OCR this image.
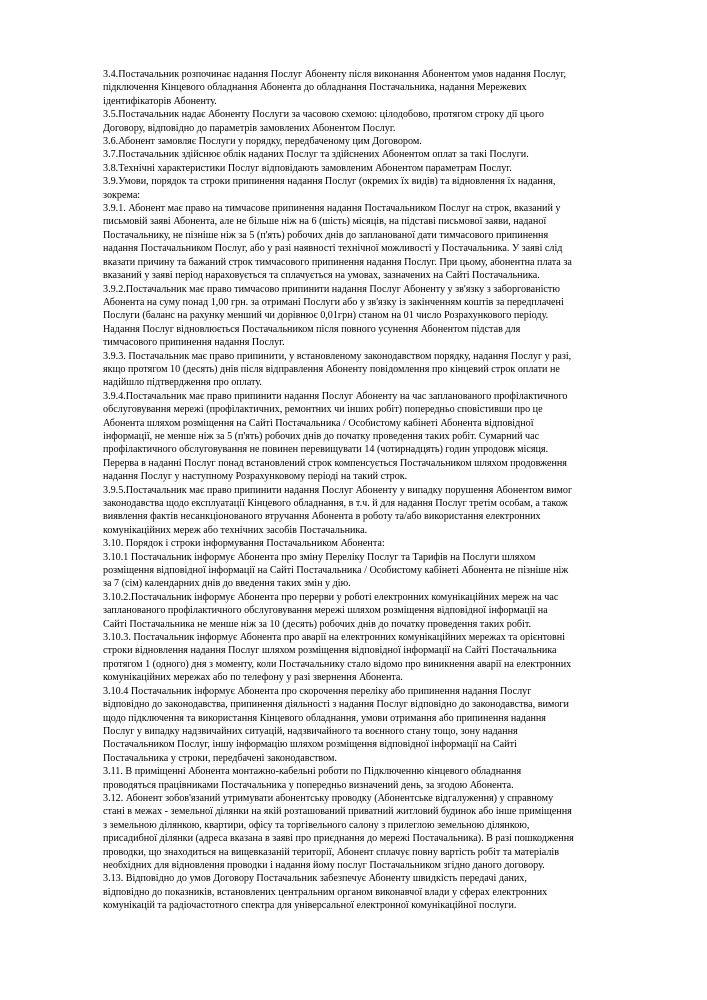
3.4.Постачальник розпочинає надання Послуг Абоненту після виконання Абонентом умов надання Послуг,
підключення Кінцевого обладнання Абонента до обладнання Постачальника, надання Мережевих
ідентифікаторів Абоненту.

3.5.Постачальник надає Абоненту Послуги за часовою схемою: цілодобово, протягом строку дії цього
Договору, відповідно до параметрів замовлених Абонентом Послуг.

3.6.Абонент замовляє Послуги у порядку, передбаченому цим Договором.

3.7.Постачальник здійснює облік наданих Послуг та здійснених Абонентом оплат за такі Послуги.

3.8.Технічні характеристики Послуг відповідають замовленим Абонентом параметрам Послуг.

3.9.Умови, порядок та строки припинення надання Послуг (окремих їх видів) та відновлення їх надання,
зокрема:

3.9.1. Абонент має право на тимчасове припинення надання Постачальником Послуг на строк, вказаний у
письмовій заяві Абонента, але не більше ніж на 6 (шість) місяців, на підставі письмової заяви, наданої
Постачальнику, не пізніше ніж за 5 (п'ять) робочих днів до запланованої дати тимчасового припинення
надання Постачальником Послуг, або у разі наявності технічної можливості у Постачальника. У заяві слід
вказати причину та бажаний строк тимчасового припинення надання Послуг. При цьому, абонентна плата за
вказаний у заяві період нараховується та сплачується на умовах, зазначених на Сайті Постачальника.

3.9.2.Постачальник має право тимчасово припинити надання Послуг Абоненту у зв'язку з заборгованістю
Абонента на суму понад 1,00 грн. за отримані Послуги або у зв'язку із закінченням коштів за передплаченi
Послуги (баланс на рахунку менший чи дорівнює 0,01грн) станом на 01 число Розрахункового періоду.
Надання Послуг відновлюється Постачальником після повного усунення Абонентом підстав для
тимчасового припинення надання Послуг.

3.9.3. Постачальник має право припинити, у встановленому законодавством порядку, надання Послуг у разі,
якщо протягом 10 (десять) днів після відправлення Абоненту повідомлення про кінцевий строк оплати не
надійшло підтвердження про оплату.

3.9.4.Постачальник має право припинити надання Послуг Абоненту на час запланованого профілактичного
обслуговування мережі (профілактичних, ремонтних чи інших робіт) попередньо сповістивши про це
Абонента шляхом розміщення на Сайті Постачальника / Особистому кабінеті Абонента відповідної
інформації, не менше ніж за 5 (п'ять) робочих днів до початку проведення таких робіт. Сумарний час
профілактичного обслуговування не повинен перевищувати 14 (чотирнадцять) годин упродовж місяця.
Перерва в наданні Послуг понад встановлений строк компенсується Постачальником шляхом продовження
надання Послуг у наступному Розрахунковому періоді на такий строк.

3.9.5.Постачальник має право припинити надання Послуг Абоненту у випадку порушення Абонентом вимог
законодавства щодо експлуатації Кінцевого обладнання, в т.ч. й для надання Послуг третім особам, а також
виявлення фактів несанкціонованого втручання Абонента в роботу та/або використання електронних
комунікаційних мереж або технічних засобів Постачальника.

3.10. Порядок і строки інформування Постачальником Абонента:

3.10.1 Постачальник інформує Абонента про зміну Переліку Послуг та Тарифів на Послуги шляхом
розміщення відповідної інформації на Сайті Постачальника / Особистому кабінеті Абонента не пізніше ніж
за 7 (сім) календарних днів до введення таких змін у дію.

3.10.2.Постачальник інформує Абонента про перерви у роботі електронних комунікаційних мереж на час
запланованого профілактичного обслуговування мережі шляхом розміщення відповідної інформації на
Сайті Постачальника не менше ніж за 10 (десять) робочих днів до початку проведення таких робіт.

3.10.3. Постачальник інформує Абонента про аварії на електронних комунікаційних мережах та орієнтовні
строки відновлення надання Послуг шляхом розміщення відповідної інформації на Сайті Постачальника
протягом 1 (одного) дня з моменту, коли Постачальнику стало відомо про виникнення аварії на електронних
комунікаційних мережах або по телефону у разі звернення Абонента.

3.10.4 Постачальник інформує Абонента про скорочення переліку або припинення надання Послуг
відповідно до законодавства, припинення діяльності з надання Послуг відповідно до законодавства, вимоги
щодо підключення та використання Кінцевого обладнання, умови отримання або припинення надання
Послуг у випадку надзвичайних ситуацій, надзвичайного та воєнного стану тощо, зону надання
Постачальником Послуг, іншу інформацію шляхом розміщення відповідної інформації на Сайті
Постачальника у строки, передбачені законодавством.

3.11. В приміщенні Абонента монтажно-кабельні роботи по Підключенню кінцевого обладнання
проводяться працівниками Постачальника у попередньо визначений день, за згодою Абонента.

3.12. Абонент зобов'язаний утримувати абонентську проводку (Абонентське відгалуження) у справному
стані в межах - земельної ділянки на якій розташований приватний житловий будинок або інше приміщення
з земельною ділянкою, квартири, офісу та торгівельного салону з прилеглою земельною ділянкою,
присадибної ділянки (адреса вказана в заяві про приєднання до мережі Постачальника). В разі пошкодження
проводки, що знаходиться на вищевказаній території, Абонент сплачує повну вартість робіт та матеріалів
необхідних для відновлення проводки і надання йому послуг Постачальником згідно даного договору.

3.13. Відповідно до умов Договору Постачальник забезпечує Абоненту швидкість передачі даних,
відповідно до показників, встановлених центральним органом виконавчої влади у сферах електронних
комунікацій та радіочастотного спектра для універсальної електронної комунікаційної послуги.
